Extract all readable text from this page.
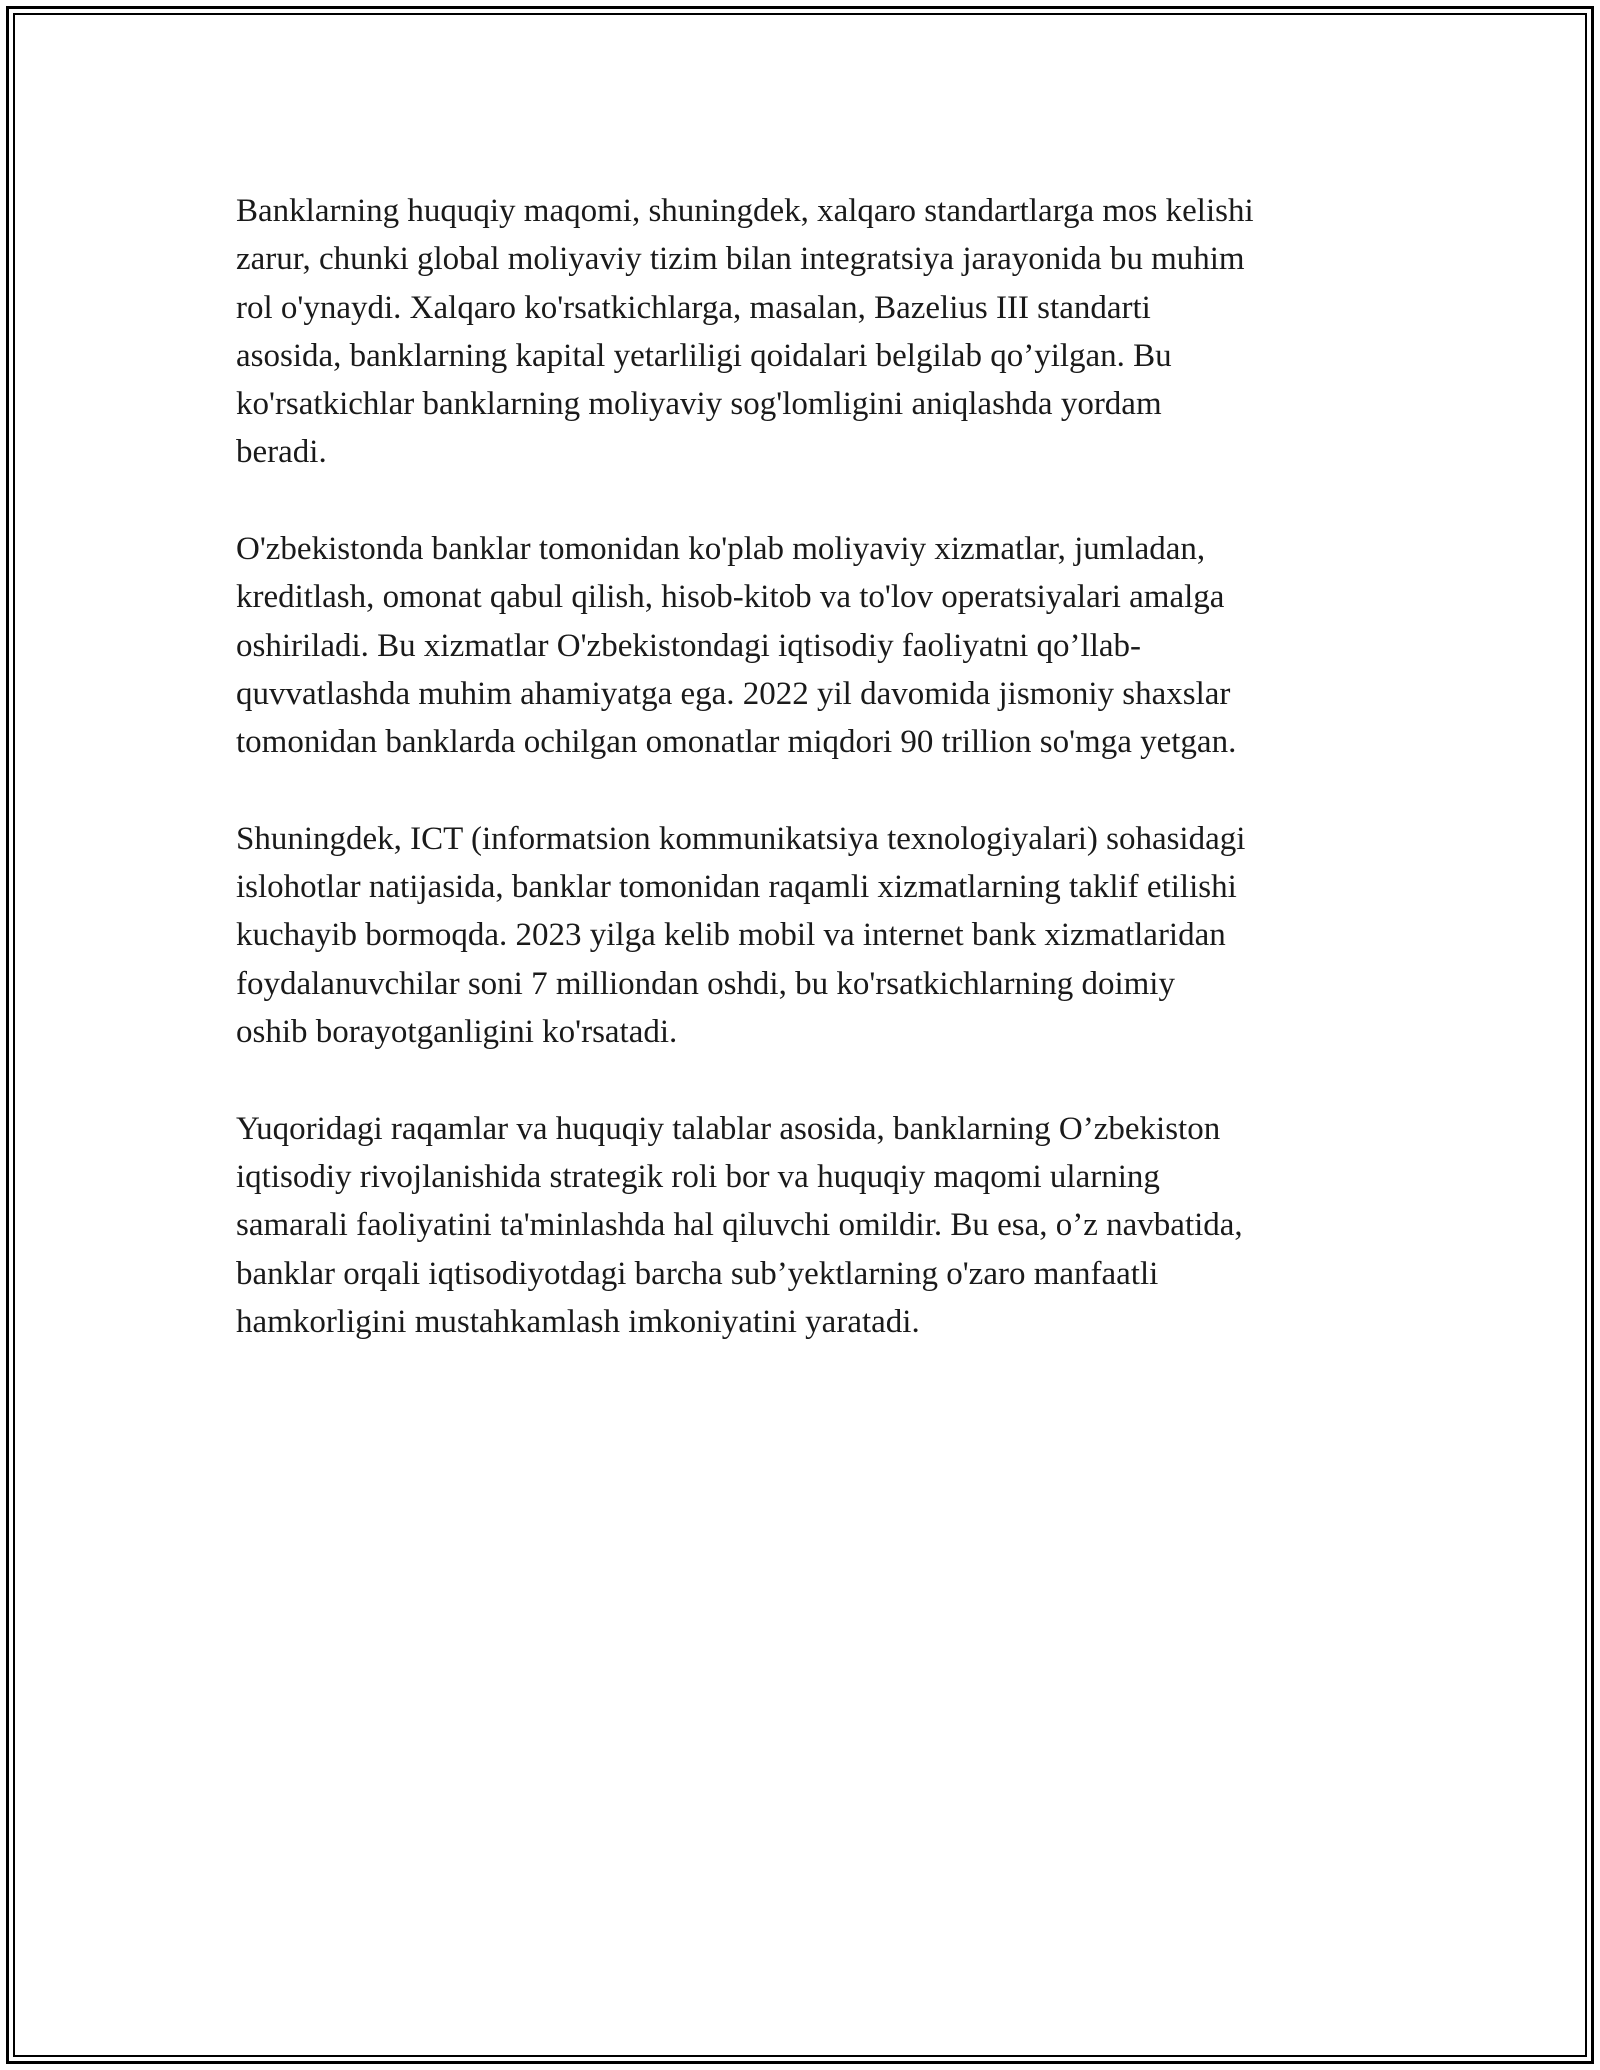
Banklarning huquqiy maqomi, shuningdek, xalqaro standartlarga mos kelishi
zarur, chunki global moliyaviy tizim bilan integratsiya jarayonida bu muhim
rol o'ynaydi. Xalqaro ko'rsatkichlarga, masalan, Bazelius III standarti
asosida, banklarning kapital yetarliligi qoidalari belgilab qo’yilgan. Bu
ko'rsatkichlar banklarning moliyaviy sog'lomligini aniqlashda yordam
beradi.

O'zbekistonda banklar tomonidan ko'plab moliyaviy xizmatlar, jumladan,
kreditlash, omonat qabul qilish, hisob-kitob va to'lov operatsiyalari amalga
oshiriladi. Bu xizmatlar O'zbekistondagi iqtisodiy faoliyatni qo’llab-
quvvatlashda muhim ahamiyatga ega. 2022 yil davomida jismoniy shaxslar
tomonidan banklarda ochilgan omonatlar miqdori 90 trillion so'mga yetgan.

Shuningdek, ICT (informatsion kommunikatsiya texnologiyalari) sohasidagi
islohotlar natijasida, banklar tomonidan raqamli xizmatlarning taklif etilishi
kuchayib bormoqda. 2023 yilga kelib mobil va internet bank xizmatlaridan
foydalanuvchilar soni 7 milliondan oshdi, bu ko'rsatkichlarning doimiy
oshib borayotganligini ko'rsatadi.

Yuqoridagi raqamlar va huquqiy talablar asosida, banklarning O’zbekiston
iqtisodiy rivojlanishida strategik roli bor va huquqiy maqomi ularning
samarali faoliyatini ta'minlashda hal qiluvchi omildir. Bu esa, o’z navbatida,
banklar orqali iqtisodiyotdagi barcha sub’yektlarning o'zaro manfaatli
hamkorligini mustahkamlash imkoniyatini yaratadi.
